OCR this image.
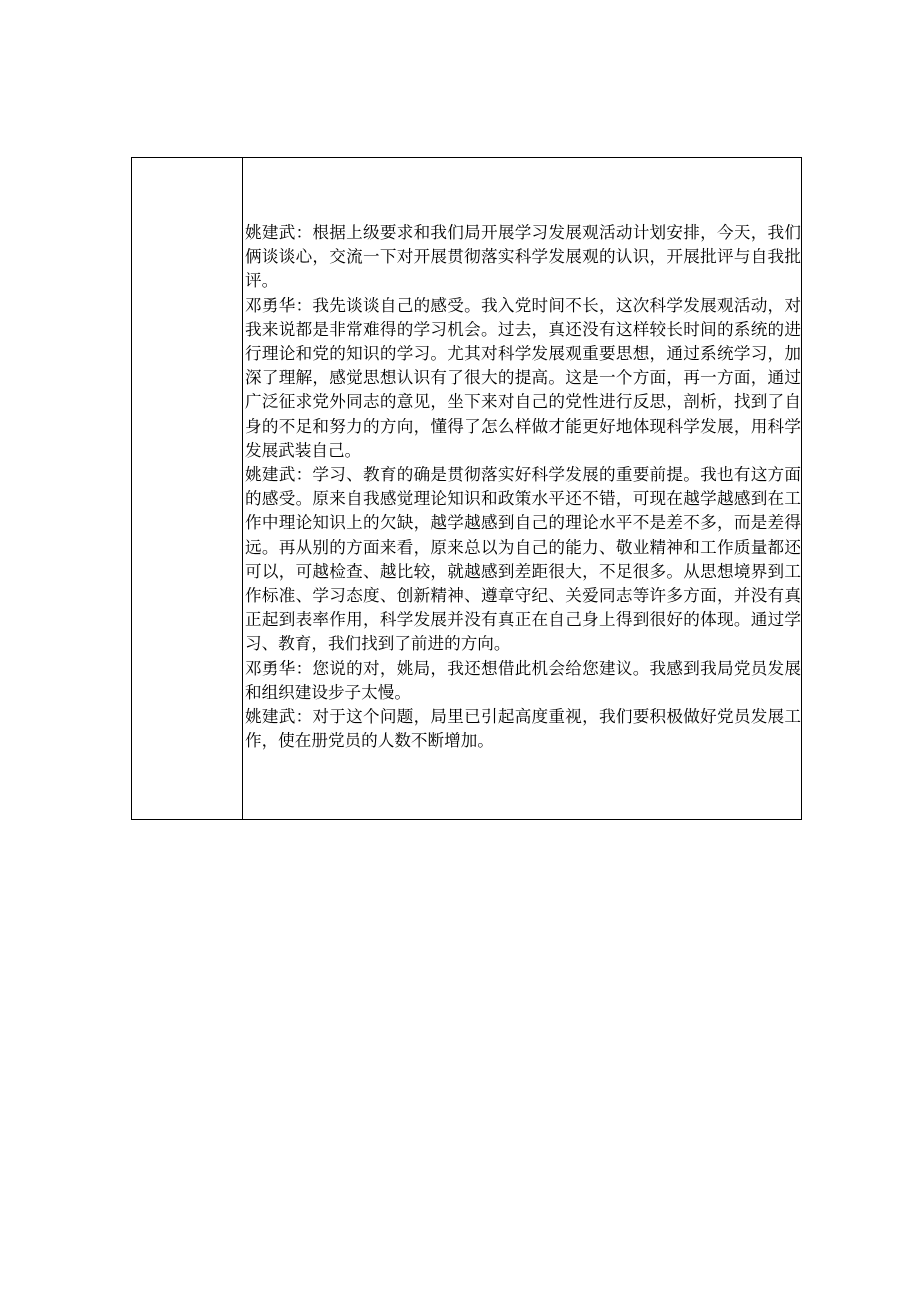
姚建武：根据上级要求和我们局开展学习发展观活动计划安排，今天，我们俩谈谈心，交流一下对开展贯彻落实科学发展观的认识，开展批评与自我批评。

邓勇华：我先谈谈自己的感受。我入党时间不长，这次科学发展观活动，对我来说都是非常难得的学习机会。过去，真还没有这样较长时间的系统的进行理论和党的知识的学习。尤其对科学发展观重要思想，通过系统学习，加深了理解，感觉思想认识有了很大的提高。这是一个方面，再一方面，通过广泛征求党外同志的意见，坐下来对自己的党性进行反思，剖析，找到了自身的不足和努力的方向，懂得了怎么样做才能更好地体现科学发展，用科学发展武装自己。

姚建武：学习、教育的确是贯彻落实好科学发展的重要前提。我也有这方面的感受。原来自我感觉理论知识和政策水平还不错，可现在越学越感到在工作中理论知识上的欠缺，越学越感到自己的理论水平不是差不多，而是差得远。再从别的方面来看，原来总以为自己的能力、敬业精神和工作质量都还可以，可越检查、越比较，就越感到差距很大，不足很多。从思想境界到工作标准、学习态度、创新精神、遵章守纪、关爱同志等许多方面，并没有真正起到表率作用，科学发展并没有真正在自己身上得到很好的体现。通过学习、教育，我们找到了前进的方向。

邓勇华：您说的对，姚局，我还想借此机会给您建议。我感到我局党员发展和组织建设步子太慢。

姚建武：对于这个问题，局里已引起高度重视，我们要积极做好党员发展工作，使在册党员的人数不断增加。
